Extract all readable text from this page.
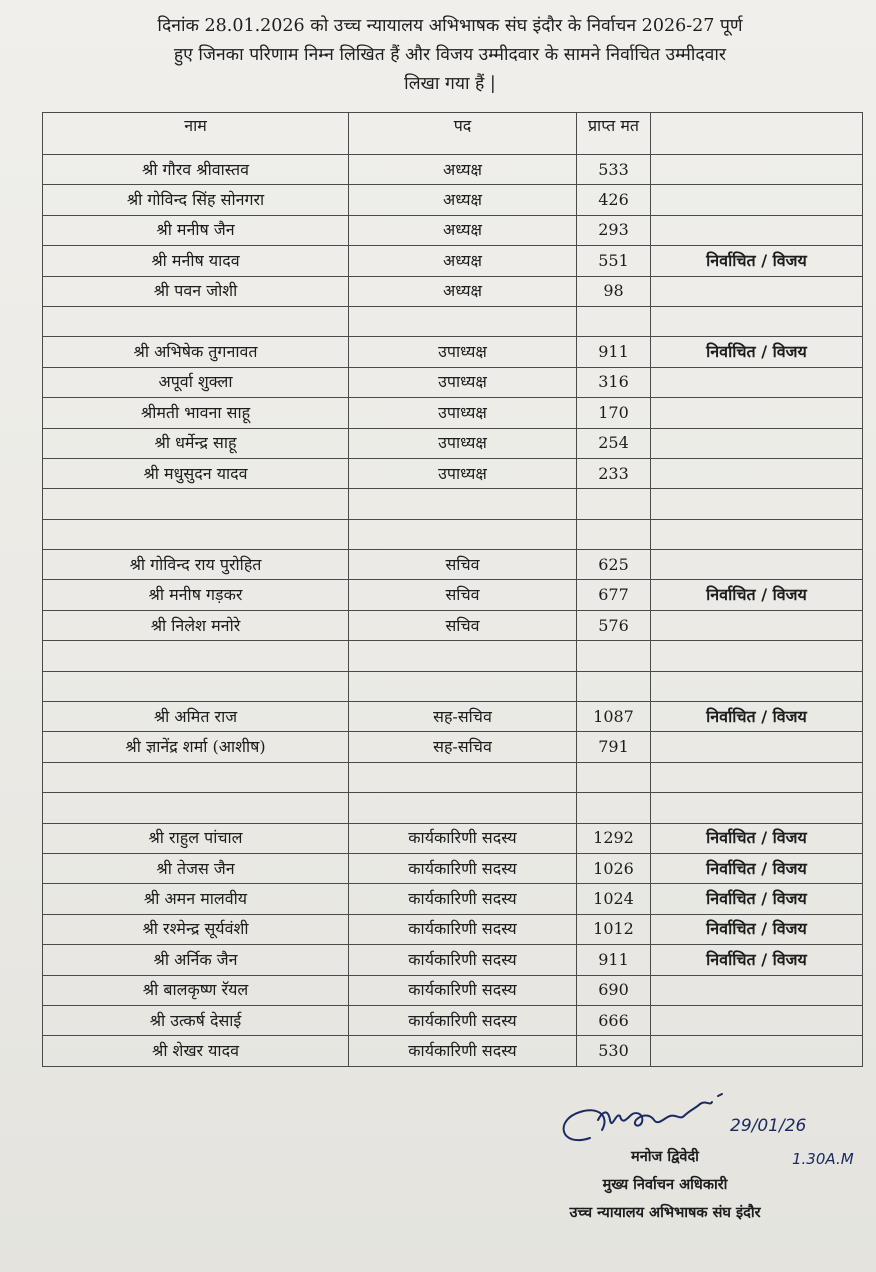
दिनांक 28.01.2026 को उच्च न्यायालय अभिभाषक संघ इंदौर के निर्वाचन 2026-27 पूर्ण
हुए जिनका परिणाम निम्न लिखित हैं और विजय उम्मीदवार के सामने निर्वाचित उम्मीदवार
लिखा गया हैं |
नाम	पद	प्राप्त मत	
श्री गौरव श्रीवास्तव	अध्यक्ष	533	
श्री गोविन्द सिंह सोनगरा	अध्यक्ष	426	
श्री मनीष जैन	अध्यक्ष	293	
श्री मनीष यादव	अध्यक्ष	551	निर्वाचित / विजय
श्री पवन जोशी	अध्यक्ष	98	

श्री अभिषेक तुगनावत	उपाध्यक्ष	911	निर्वाचित / विजय
अपूर्वा शुक्ला	उपाध्यक्ष	316	
श्रीमती भावना साहू	उपाध्यक्ष	170	
श्री धर्मेन्द्र साहू	उपाध्यक्ष	254	
श्री मधुसुदन यादव	उपाध्यक्ष	233	

श्री गोविन्द राय पुरोहित	सचिव	625	
श्री मनीष गड़कर	सचिव	677	निर्वाचित / विजय
श्री निलेश मनोरे	सचिव	576	

श्री अमित राज	सह-सचिव	1087	निर्वाचित / विजय
श्री ज्ञानेंद्र शर्मा (आशीष)	सह-सचिव	791	

श्री राहुल पांचाल	कार्यकारिणी सदस्य	1292	निर्वाचित / विजय
श्री तेजस जैन	कार्यकारिणी सदस्य	1026	निर्वाचित / विजय
श्री अमन मालवीय	कार्यकारिणी सदस्य	1024	निर्वाचित / विजय
श्री रश्मेन्द्र सूर्यवंशी	कार्यकारिणी सदस्य	1012	निर्वाचित / विजय
श्री अर्निक जैन	कार्यकारिणी सदस्य	911	निर्वाचित / विजय
श्री बालकृष्ण रॅयल	कार्यकारिणी सदस्य	690	
श्री उत्कर्ष देसाई	कार्यकारिणी सदस्य	666	
श्री शेखर यादव	कार्यकारिणी सदस्य	530	
29/01/26
1.30A.M
मनोज द्विवेदी
मुख्य निर्वाचन अधिकारी
उच्च न्यायालय अभिभाषक संघ इंदौर
